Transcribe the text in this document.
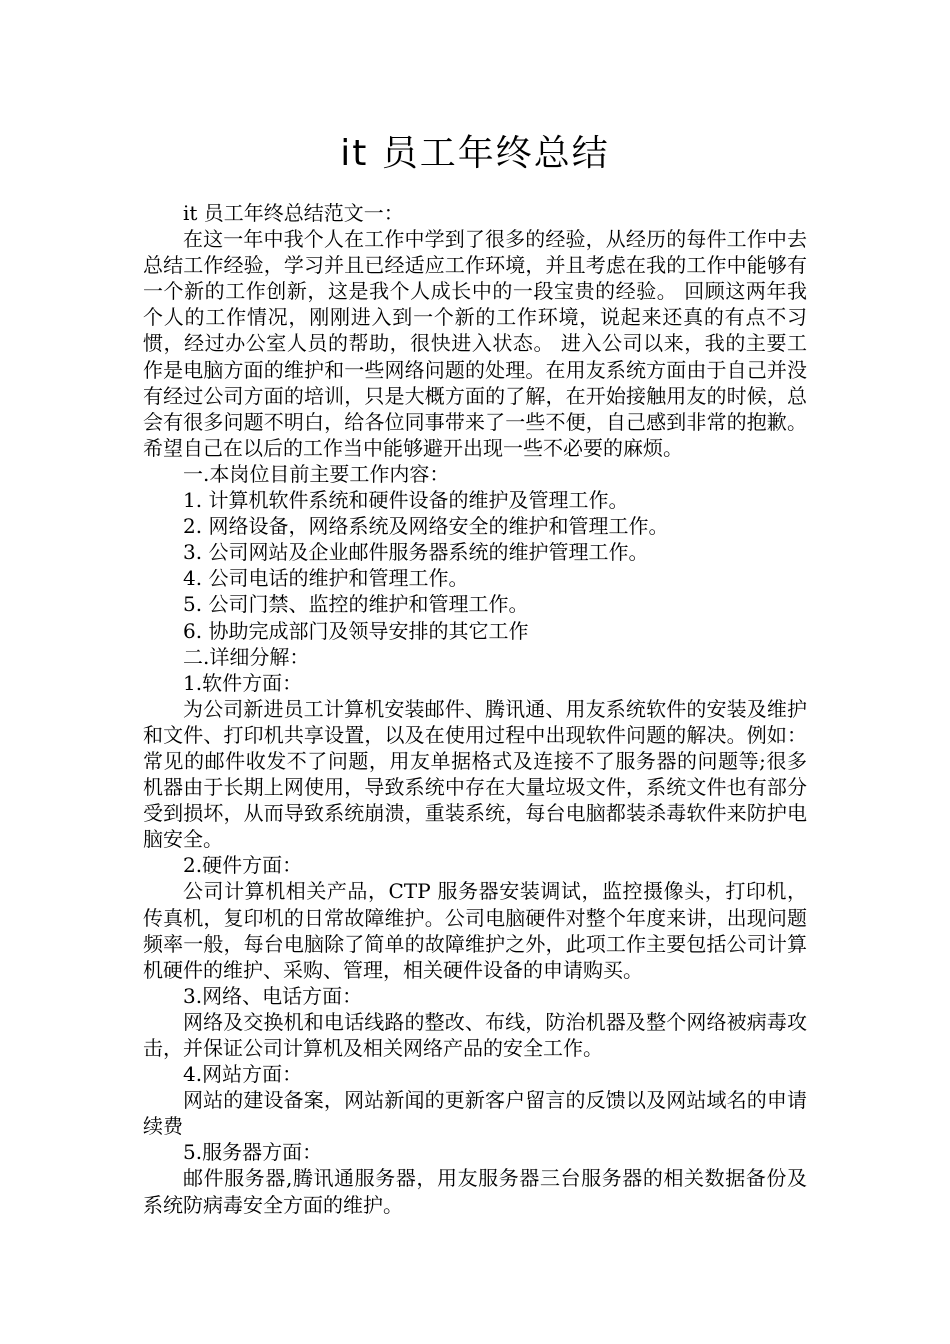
it 员工年终总结

it 员工年终总结范文一：

在这一年中我个人在工作中学到了很多的经验，从经历的每件工作中去总结工作经验，学习并且已经适应工作环境，并且考虑在我的工作中能够有一个新的工作创新，这是我个人成长中的一段宝贵的经验。 回顾这两年我个人的工作情况，刚刚进入到一个新的工作环境，说起来还真的有点不习惯，经过办公室人员的帮助，很快进入状态。 进入公司以来，我的主要工作是电脑方面的维护和一些网络问题的处理。在用友系统方面由于自己并没有经过公司方面的培训，只是大概方面的了解，在开始接触用友的时候，总会有很多问题不明白，给各位同事带来了一些不便，自己感到非常的抱歉。希望自己在以后的工作当中能够避开出现一些不必要的麻烦。

一.本岗位目前主要工作内容：

1. 计算机软件系统和硬件设备的维护及管理工作。

2. 网络设备，网络系统及网络安全的维护和管理工作。

3. 公司网站及企业邮件服务器系统的维护管理工作。

4. 公司电话的维护和管理工作。

5. 公司门禁、监控的维护和管理工作。

6. 协助完成部门及领导安排的其它工作

二.详细分解：

1.软件方面：

为公司新进员工计算机安装邮件、腾讯通、用友系统软件的安装及维护和文件、打印机共享设置，以及在使用过程中出现软件问题的解决。例如：常见的邮件收发不了问题，用友单据格式及连接不了服务器的问题等;很多机器由于长期上网使用，导致系统中存在大量垃圾文件，系统文件也有部分受到损坏，从而导致系统崩溃，重装系统，每台电脑都装杀毒软件来防护电脑安全。

2.硬件方面：

公司计算机相关产品，CTP 服务器安装调试，监控摄像头，打印机，传真机，复印机的日常故障维护。公司电脑硬件对整个年度来讲，出现问题频率一般，每台电脑除了简单的故障维护之外，此项工作主要包括公司计算机硬件的维护、采购、管理，相关硬件设备的申请购买。

3.网络、电话方面：

网络及交换机和电话线路的整改、布线，防治机器及整个网络被病毒攻击，并保证公司计算机及相关网络产品的安全工作。

4.网站方面：

网站的建设备案，网站新闻的更新客户留言的反馈以及网站域名的申请续费

5.服务器方面：

邮件服务器,腾讯通服务器，用友服务器三台服务器的相关数据备份及系统防病毒安全方面的维护。
